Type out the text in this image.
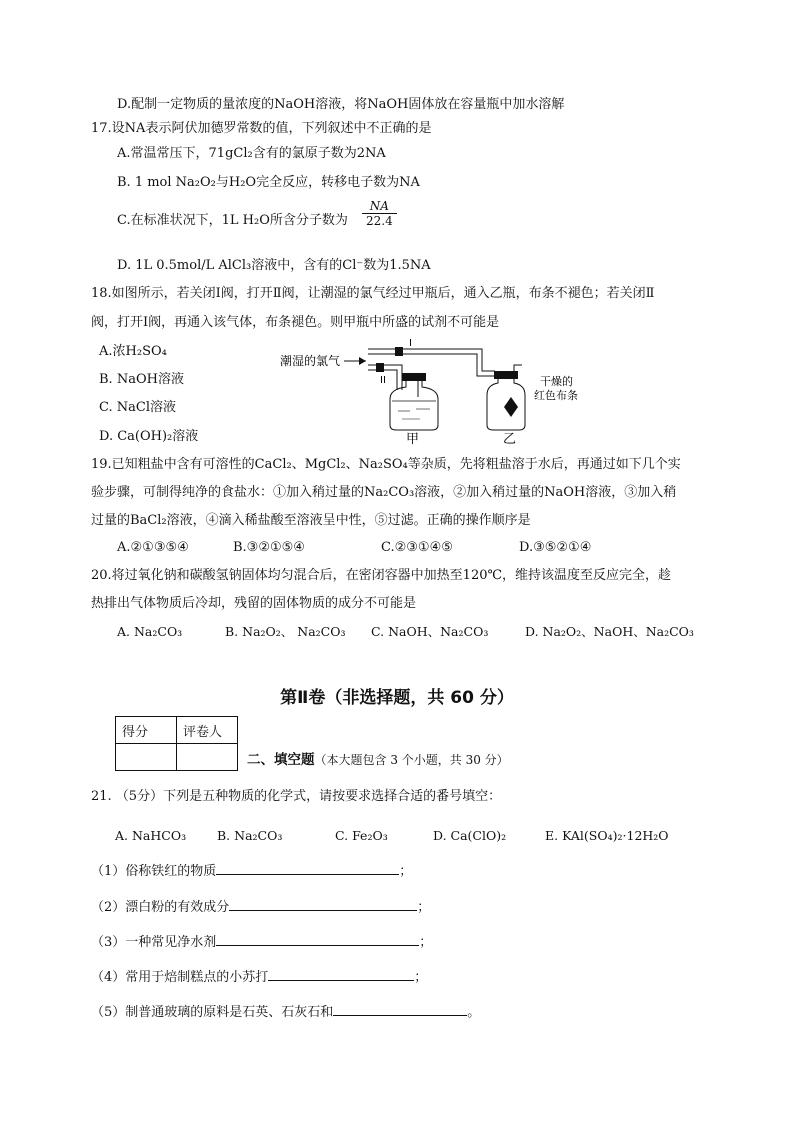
D.配制一定物质的量浓度的NaOH溶液，将NaOH固体放在容量瓶中加水溶解
17.设NA表示阿伏加德罗常数的值，下列叙述中不正确的是
A.常温常压下，71gCl₂含有的氯原子数为2NA
B. 1 mol Na₂O₂与H₂O完全反应，转移电子数为NA
C.在标准状况下，1L H₂O所含分子数为 $\frac{NA}{22.4}$
D. 1L 0.5mol/L AlCl₃溶液中，含有的Cl⁻数为1.5NA
18.如图所示，若关闭Ⅰ阀，打开Ⅱ阀，让潮湿的氯气经过甲瓶后，通入乙瓶，布条不褪色；若关闭Ⅱ
阀，打开Ⅰ阀，再通入该气体，布条褪色。则甲瓶中所盛的试剂不可能是
A.浓H₂SO₄
B. NaOH溶液
C. NaCl溶液
D. Ca(OH)₂溶液
潮湿的氯气
I
II
甲	乙
干燥的
红色布条
19.已知粗盐中含有可溶性的CaCl₂、MgCl₂、Na₂SO₄等杂质，先将粗盐溶于水后，再通过如下几个实
验步骤，可制得纯净的食盐水：①加入稍过量的Na₂CO₃溶液，②加入稍过量的NaOH溶液，③加入稍
过量的BaCl₂溶液，④滴入稀盐酸至溶液呈中性，⑤过滤。正确的操作顺序是
A.②①③⑤④	B.③②①⑤④	C.②③①④⑤	D.③⑤②①④
20.将过氧化钠和碳酸氢钠固体均匀混合后，在密闭容器中加热至120℃，维持该温度至反应完全，趁
热排出气体物质后冷却，残留的固体物质的成分不可能是
A. Na₂CO₃	B. Na₂O₂、 Na₂CO₃ C. NaOH、Na₂CO₃	D. Na₂O₂、NaOH、Na₂CO₃
第Ⅱ卷（非选择题，共 60 分）
得分	评卷人

二、填空题（本大题包含 3 个小题，共 30 分）
21. （5分）下列是五种物质的化学式，请按要求选择合适的番号填空：
A. NaHCO₃ B. Na₂CO₃	C. Fe₂O₃	D. Ca(ClO)₂	E. KAl(SO₄)₂·12H₂O
（1）俗称铁红的物质	；
（2）漂白粉的有效成分	；
（3）一种常见净水剂	；
（4）常用于焙制糕点的小苏打	；
（5）制普通玻璃的原料是石英、石灰石和	。
